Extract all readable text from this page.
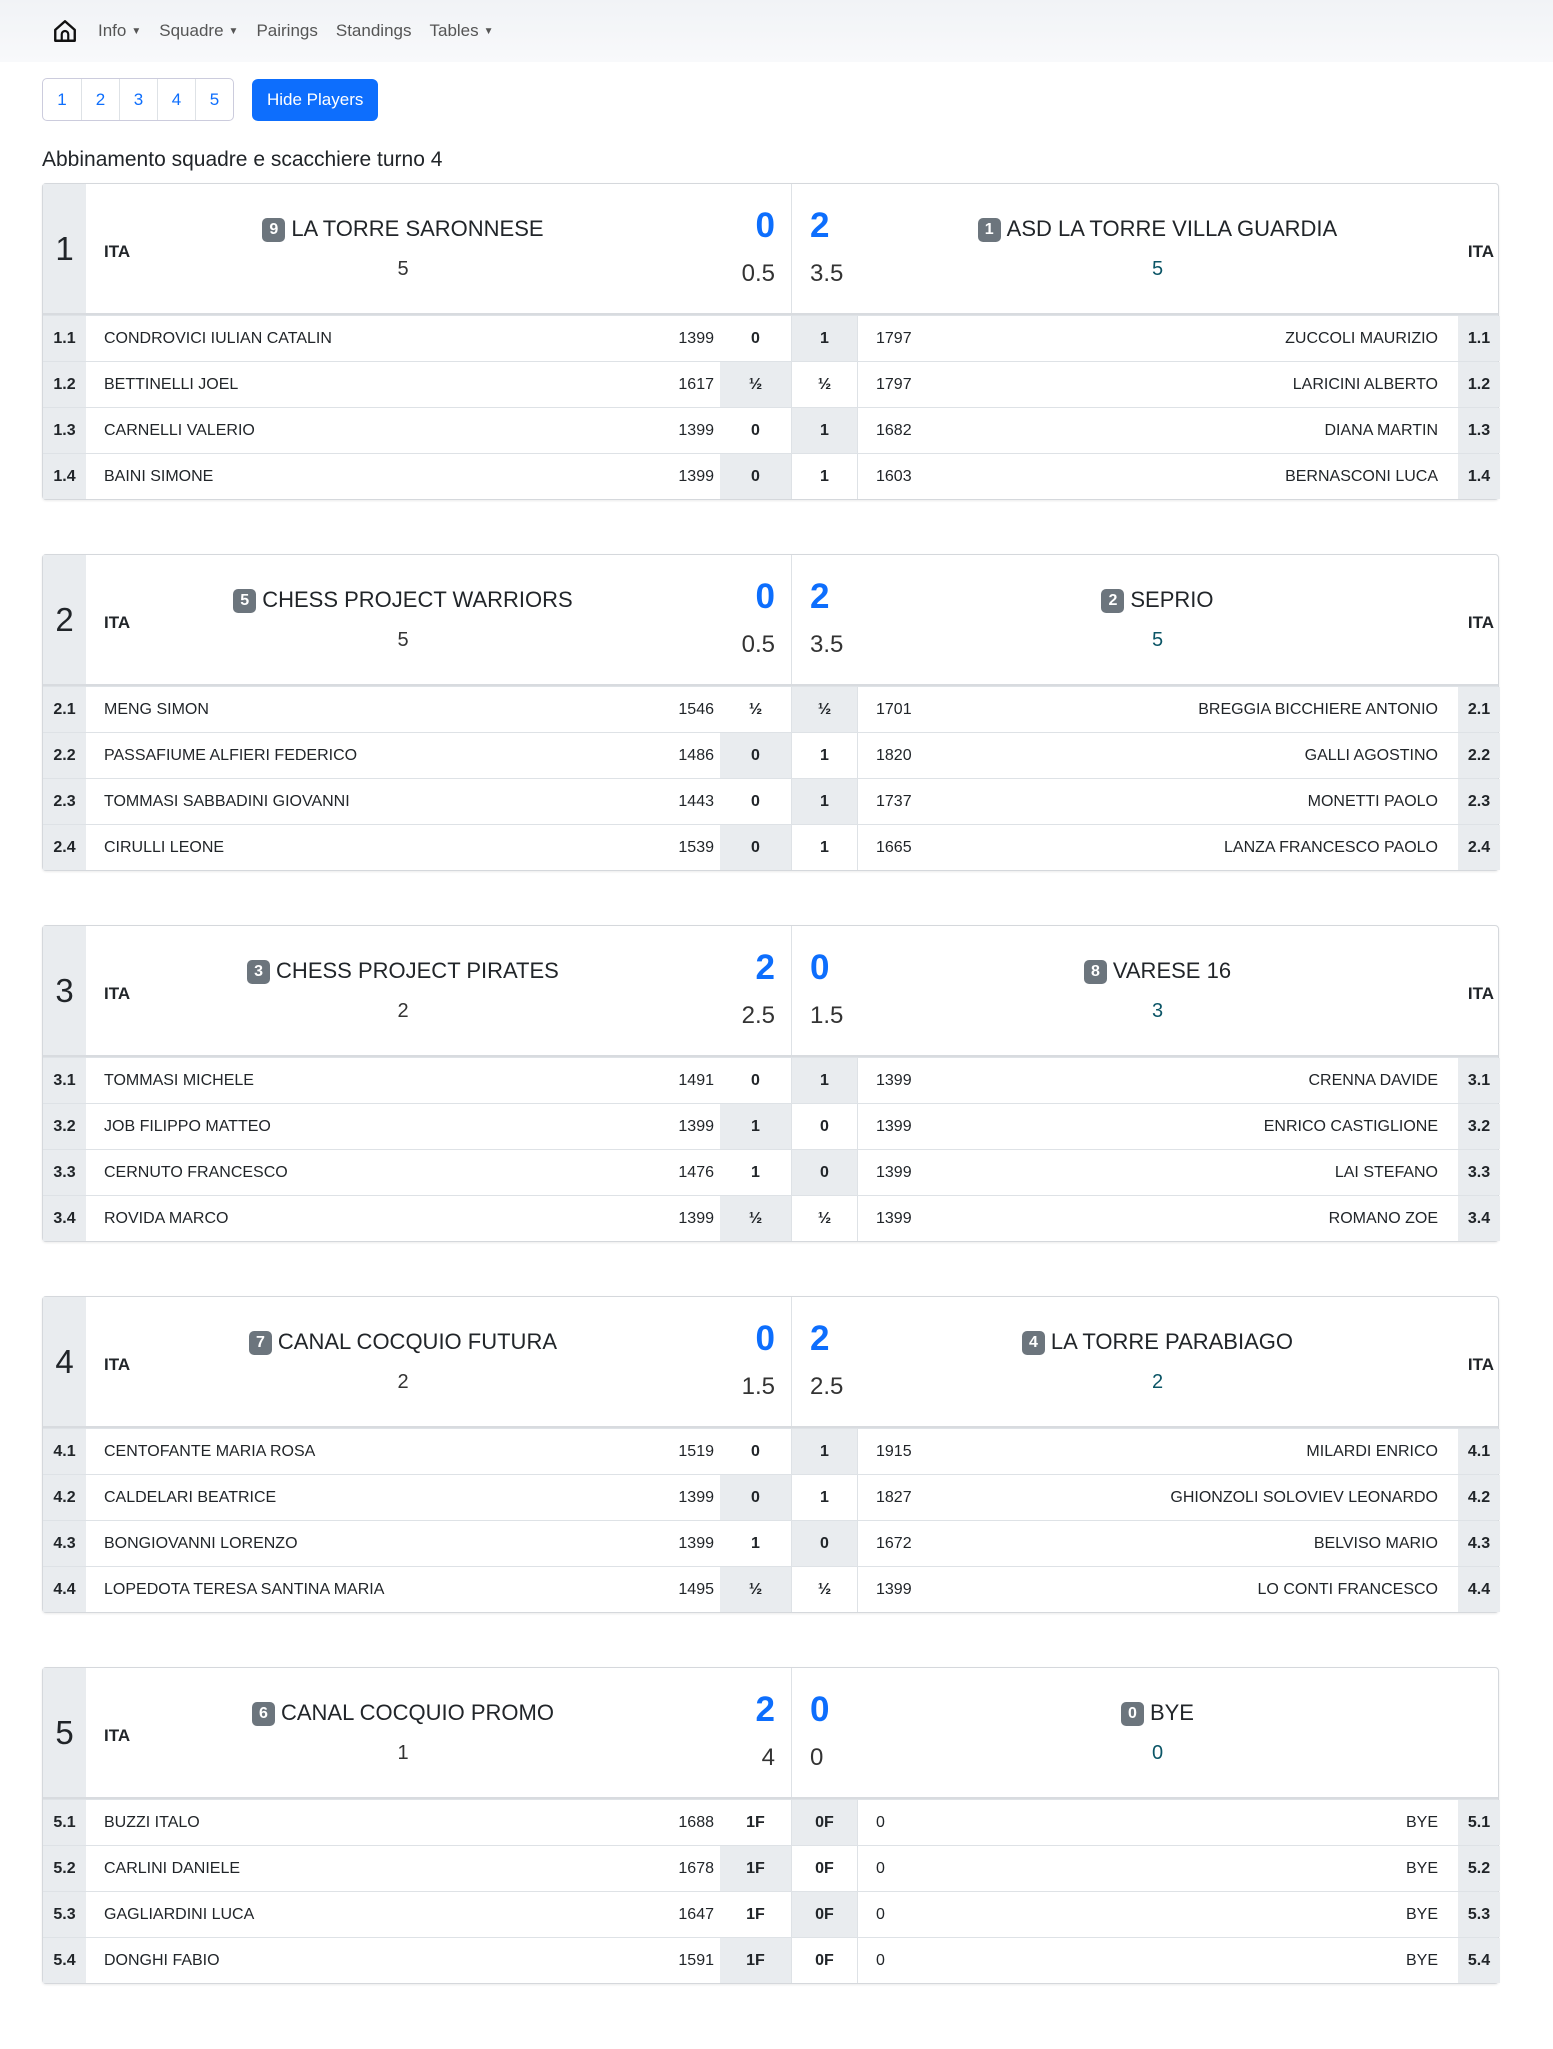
Info ▼ Squadre ▼ Pairings Standings Tables ▼
1	2	3	4	5	Hide Players
Abbinamento squadre e scacchiere turno 4
1	ITA
9 LA TORRE SARONNESE
5
0
0.5
2
3.5
1 ASD LA TORRE VILLA GUARDIA
5
ITA
1.1	CONDROVICI IULIAN CATALIN	1399	0	1	1797	ZUCCOLI MAURIZIO	1.1
1.2	BETTINELLI JOEL	1617	½	½	1797	LARICINI ALBERTO	1.2
1.3	CARNELLI VALERIO	1399	0	1	1682	DIANA MARTIN	1.3
1.4	BAINI SIMONE	1399	0	1	1603	BERNASCONI LUCA	1.4
2	ITA
5 CHESS PROJECT WARRIORS
5
0
0.5
2
3.5
2 SEPRIO
5
ITA
2.1	MENG SIMON	1546	½	½	1701	BREGGIA BICCHIERE ANTONIO	2.1
2.2	PASSAFIUME ALFIERI FEDERICO	1486	0	1	1820	GALLI AGOSTINO	2.2
2.3	TOMMASI SABBADINI GIOVANNI	1443	0	1	1737	MONETTI PAOLO	2.3
2.4	CIRULLI LEONE	1539	0	1	1665	LANZA FRANCESCO PAOLO	2.4
3	ITA
3 CHESS PROJECT PIRATES
2
2
2.5
0
1.5
8 VARESE 16
3
ITA
3.1	TOMMASI MICHELE	1491	0	1	1399	CRENNA DAVIDE	3.1
3.2	JOB FILIPPO MATTEO	1399	1	0	1399	ENRICO CASTIGLIONE	3.2
3.3	CERNUTO FRANCESCO	1476	1	0	1399	LAI STEFANO	3.3
3.4	ROVIDA MARCO	1399	½	½	1399	ROMANO ZOE	3.4
4	ITA
7 CANAL COCQUIO FUTURA
2
0
1.5
2
2.5
4 LA TORRE PARABIAGO
2
ITA
4.1	CENTOFANTE MARIA ROSA	1519	0	1	1915	MILARDI ENRICO	4.1
4.2	CALDELARI BEATRICE	1399	0	1	1827	GHIONZOLI SOLOVIEV LEONARDO	4.2
4.3	BONGIOVANNI LORENZO	1399	1	0	1672	BELVISO MARIO	4.3
4.4	LOPEDOTA TERESA SANTINA MARIA	1495	½	½	1399	LO CONTI FRANCESCO	4.4
5	ITA
6 CANAL COCQUIO PROMO
1
2
4
0
0
0 BYE
0
5.1	BUZZI ITALO	1688	1F	0F	0	BYE	5.1
5.2	CARLINI DANIELE	1678	1F	0F	0	BYE	5.2
5.3	GAGLIARDINI LUCA	1647	1F	0F	0	BYE	5.3
5.4	DONGHI FABIO	1591	1F	0F	0	BYE	5.4
